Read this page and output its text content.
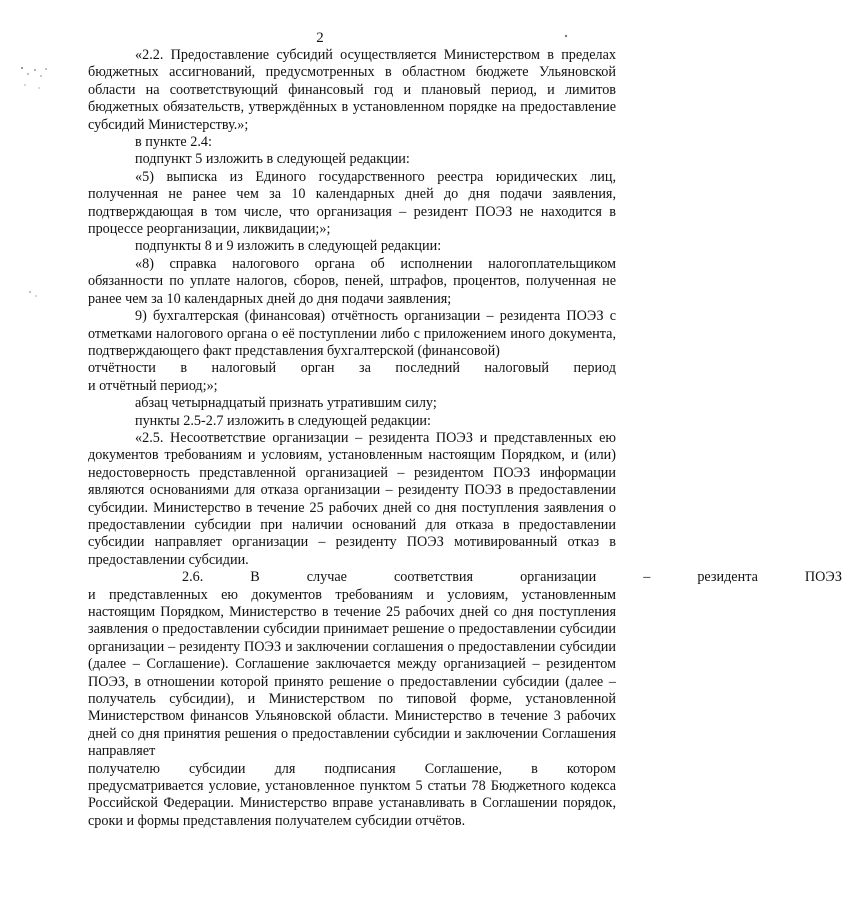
2

«2.2. Предоставление субсидий осуществляется Министерством в пределах бюджетных ассигнований, предусмотренных в областном бюджете Ульяновской области на соответствующий финансовый год и плановый период, и лимитов бюджетных обязательств, утверждённых в установленном порядке на предоставление субсидий Министерству.»;

в пункте 2.4:

подпункт 5 изложить в следующей редакции:

«5) выписка из Единого государственного реестра юридических лиц, полученная не ранее чем за 10 календарных дней до дня подачи заявления, подтверждающая в том числе, что организация – резидент ПОЭЗ не находится в процессе реорганизации, ликвидации;»;

подпункты 8 и 9 изложить в следующей редакции:

«8) справка налогового органа об исполнении налогоплательщиком обязанности по уплате налогов, сборов, пеней, штрафов, процентов, полученная не ранее чем за 10 календарных дней до дня подачи заявления;

9) бухгалтерская (финансовая) отчётность организации – резидента ПОЭЗ с отметками налогового органа о её поступлении либо с приложением иного документа, подтверждающего факт представления бухгалтерской (финансовой)

отчётности в налоговый орган за последний налоговый период

и отчётный период;»;

абзац четырнадцатый признать утратившим силу;

пункты 2.5-2.7 изложить в следующей редакции:

«2.5. Несоответствие организации – резидента ПОЭЗ и представленных ею документов требованиям и условиям, установленным настоящим Порядком, и (или) недостоверность представленной организацией – резидентом ПОЭЗ информации являются основаниями для отказа организации – резиденту ПОЭЗ в предоставлении субсидии. Министерство в течение 25 рабочих дней со дня поступления заявления о предоставлении субсидии при наличии оснований для отказа в предоставлении субсидии направляет организации – резиденту ПОЭЗ мотивированный отказ в предоставлении субсидии.

2.6.	В	случае	соответствия	организации	–	резидента	ПОЭЗ

и представленных ею документов требованиям и условиям, установленным настоящим Порядком, Министерство в течение 25 рабочих дней со дня поступления заявления о предоставлении субсидии принимает решение о предоставлении субсидии организации – резиденту ПОЭЗ и заключении соглашения о предоставлении субсидии (далее – Соглашение). Соглашение заключается между организацией – резидентом ПОЭЗ, в отношении которой принято решение о предоставлении субсидии (далее – получатель субсидии), и Министерством по типовой форме, установленной Министерством финансов Ульяновской области. Министерство в течение 3 рабочих дней со дня принятия решения о предоставлении субсидии и заключении Соглашения направляет

получателю субсидии для подписания Соглашение, в котором

предусматривается условие, установленное пунктом 5 статьи 78 Бюджетного кодекса Российской Федерации. Министерство вправе устанавливать в Соглашении порядок, сроки и формы представления получателем субсидии отчётов.
